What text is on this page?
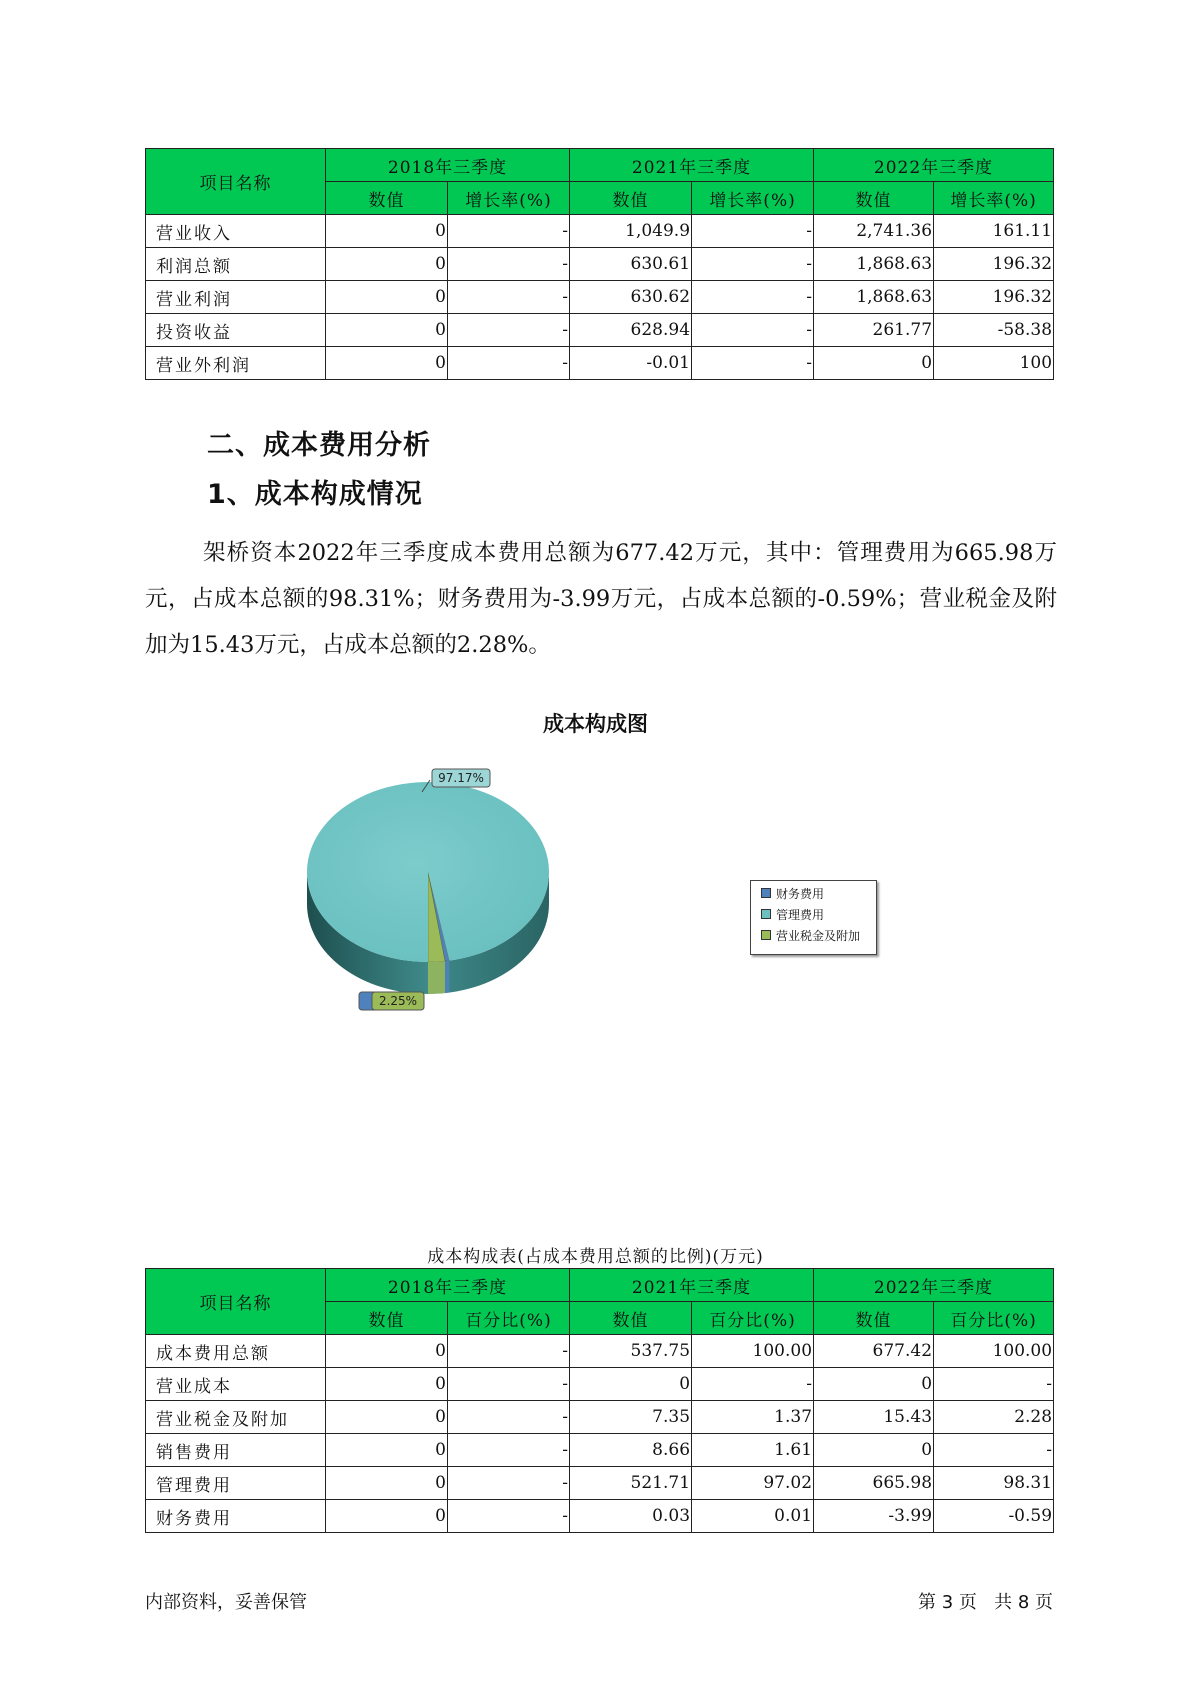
项目名称	2018年三季度		2021年三季度		2022年三季度	
	数值	增长率(%)	数值	增长率(%)	数值	增长率(%)
营业收入	0	-	1,049.9	-	2,741.36	161.11
利润总额	0	-	630.61	-	1,868.63	196.32
营业利润	0	-	630.62	-	1,868.63	196.32
投资收益	0	-	628.94	-	261.77	-58.38
营业外利润	0	-	-0.01	-	0	100
二、成本费用分析
1、成本构成情况

架桥资本2022年三季度成本费用总额为677.42万元，其中：管理费用为665.98万元，占成本总额的98.31%；财务费用为-3.99万元，占成本总额的-0.59%；营业税金及附加为15.43万元，占成本总额的2.28%。

成本构成图
97.17%
2.25%
财务费用
管理费用
营业税金及附加
成本构成表(占成本费用总额的比例)(万元)
项目名称	2018年三季度		2021年三季度		2022年三季度	
	数值	百分比(%)	数值	百分比(%)	数值	百分比(%)
成本费用总额	0	-	537.75	100.00	677.42	100.00
营业成本	0	-	0	-	0	-
营业税金及附加	0	-	7.35	1.37	15.43	2.28
销售费用	0	-	8.66	1.61	0	-
管理费用	0	-	521.71	97.02	665.98	98.31
财务费用	0	-	0.03	0.01	-3.99	-0.59
内部资料，妥善保管	第 3 页   共 8 页
